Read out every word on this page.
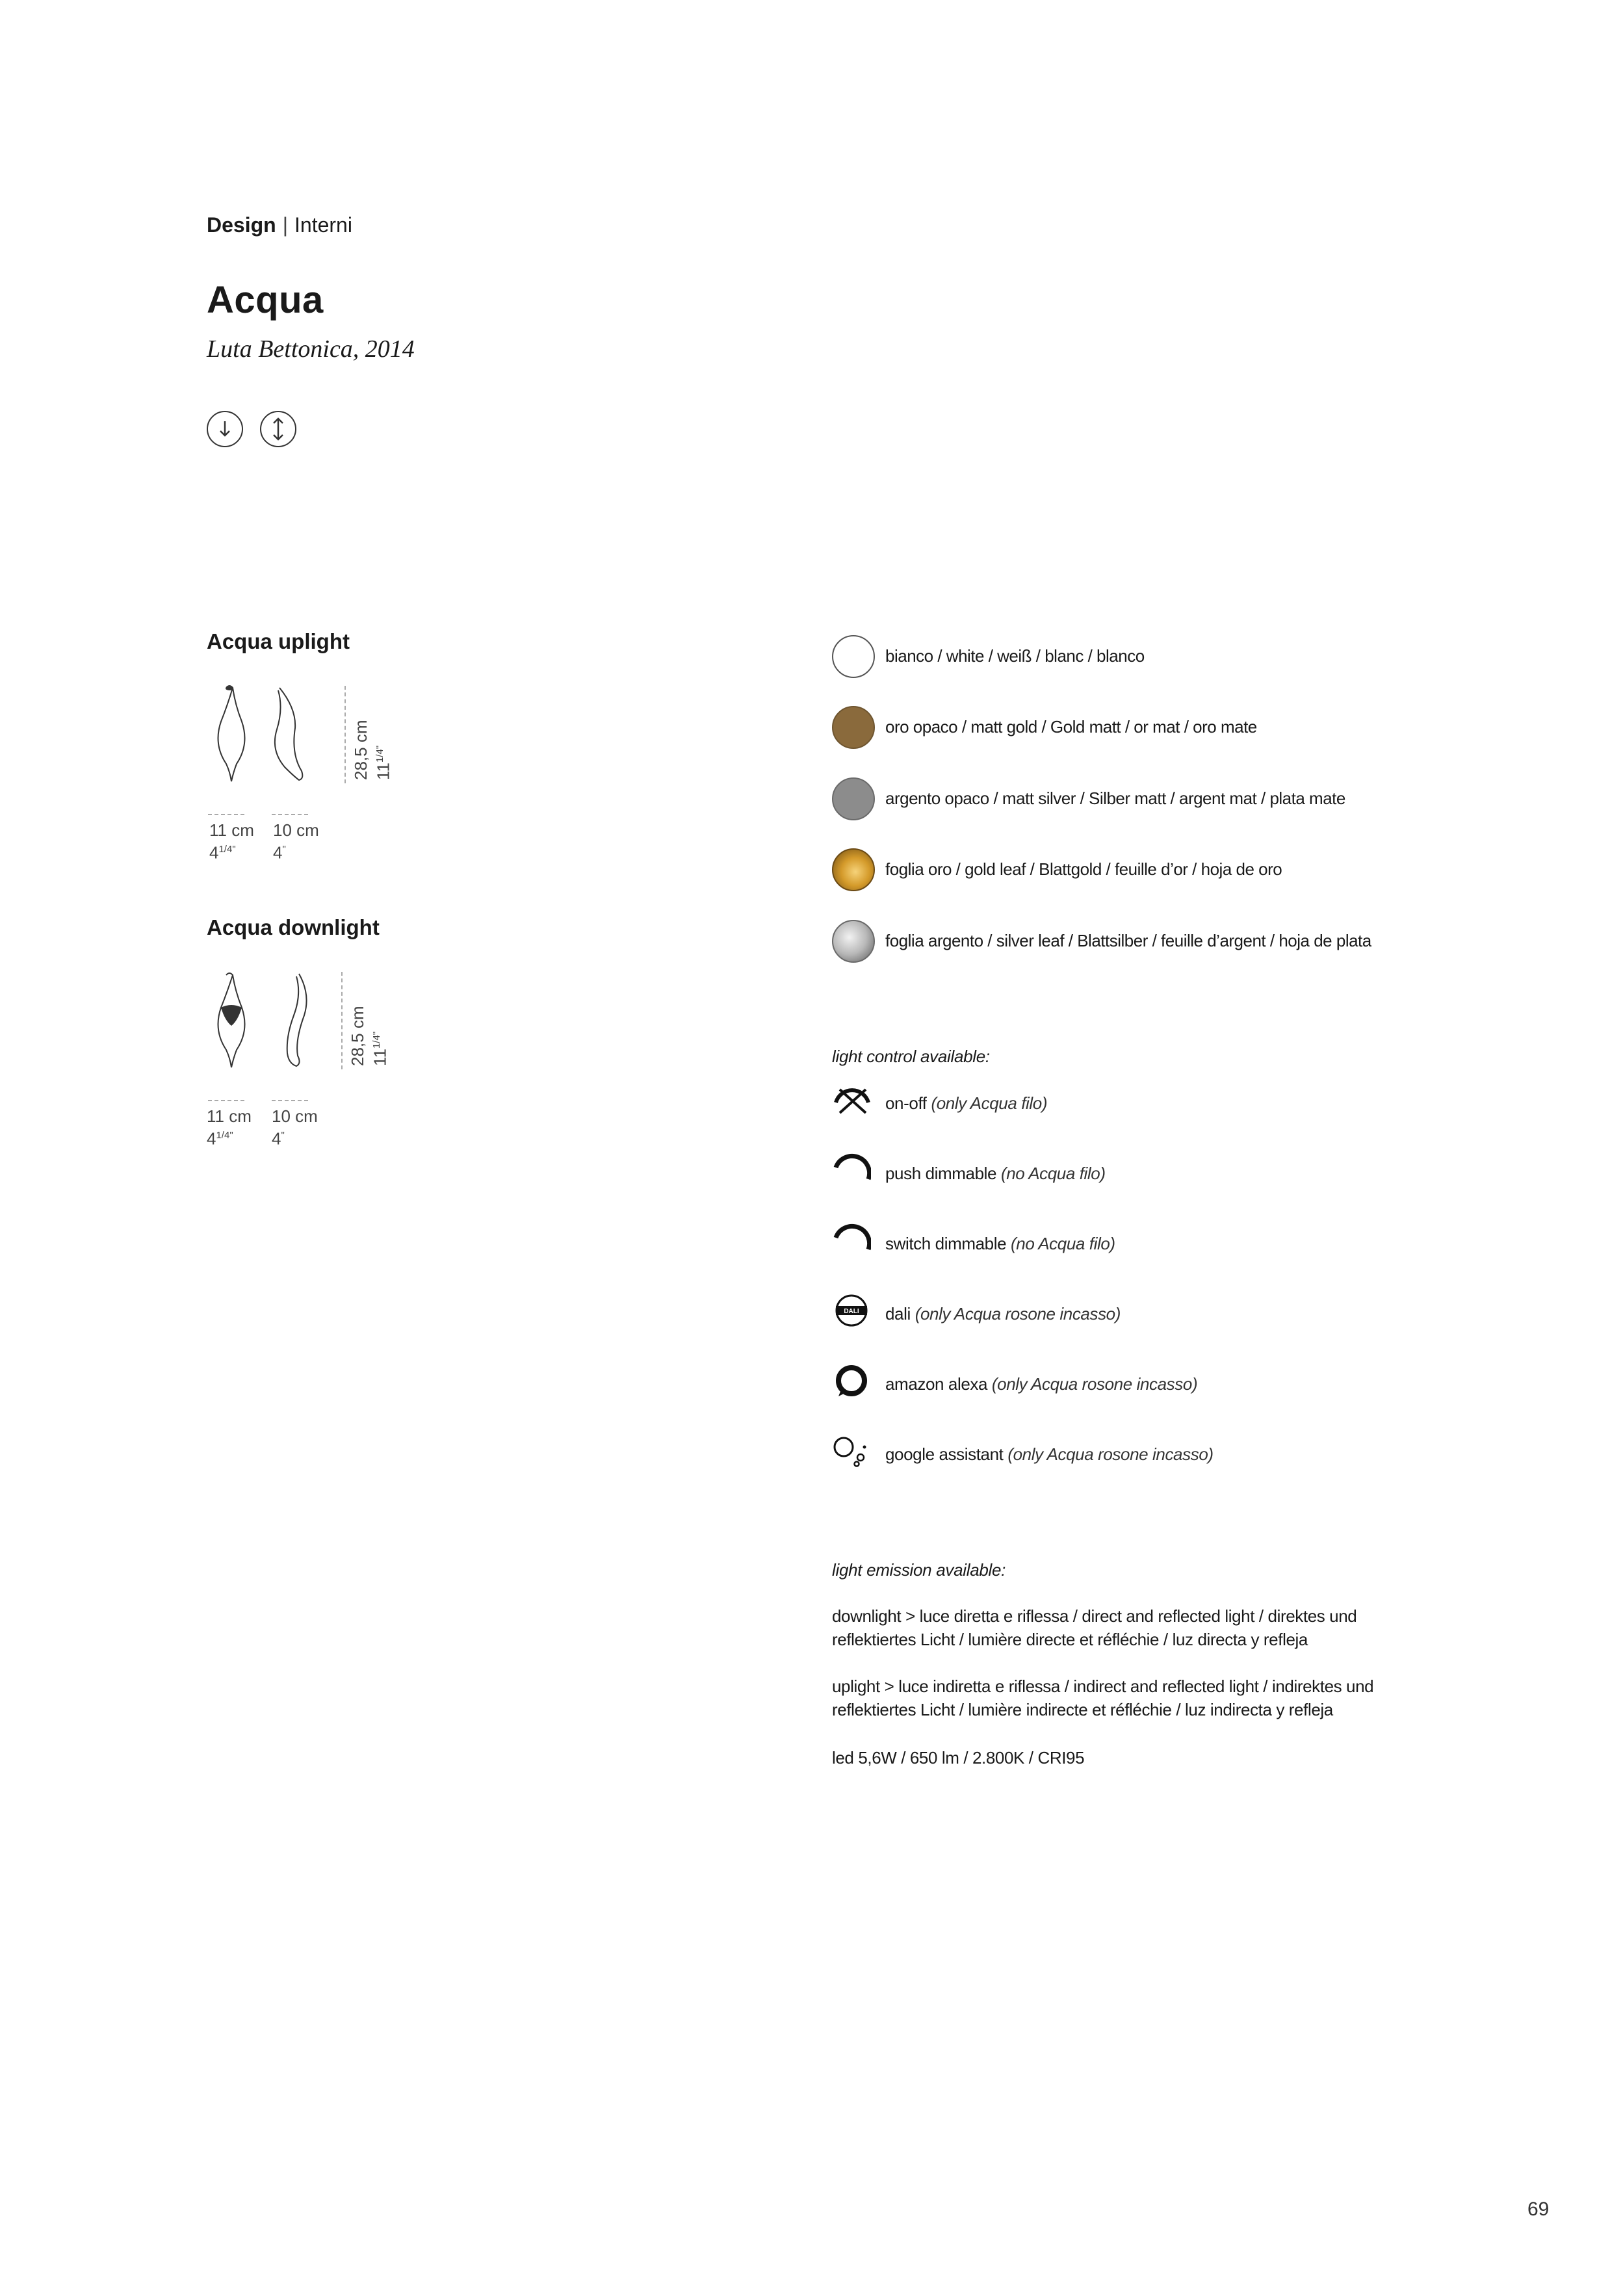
Design | Interni
Acqua
Luta Bettonica, 2014
Acqua uplight
28,5 cm $11^{1/4"}$
11 cm
$4^{1/4"}$
10 cm
4"
Acqua downlight
28,5 cm $11^{1/4"}$
11 cm
$4^{1/4"}$
10 cm
4"
bianco / white / weiß / blanc / blanco
oro opaco / matt gold / Gold matt / or mat / oro mate
argento opaco / matt silver / Silber matt / argent mat / plata mate
foglia oro / gold leaf / Blattgold / feuille d’or / hoja de oro
foglia argento / silver leaf / Blattsilber / feuille d’argent / hoja de plata
light control available:
on-off (only Acqua filo)
push dimmable (no Acqua filo)
switch dimmable (no Acqua filo)
DALI dali (only Acqua rosone incasso)
amazon alexa (only Acqua rosone incasso)
google assistant (only Acqua rosone incasso)
light emission available:
downlight > luce diretta e riflessa / direct and reflected light / direktes und reflektiertes Licht / lumière directe et réfléchie / luz directa y refleja
uplight > luce indiretta e riflessa / indirect and reflected light / indirektes und reflektiertes Licht / lumière indirecte et réfléchie / luz indirecta y refleja
led 5,6W / 650 lm / 2.800K / CRI95
69
